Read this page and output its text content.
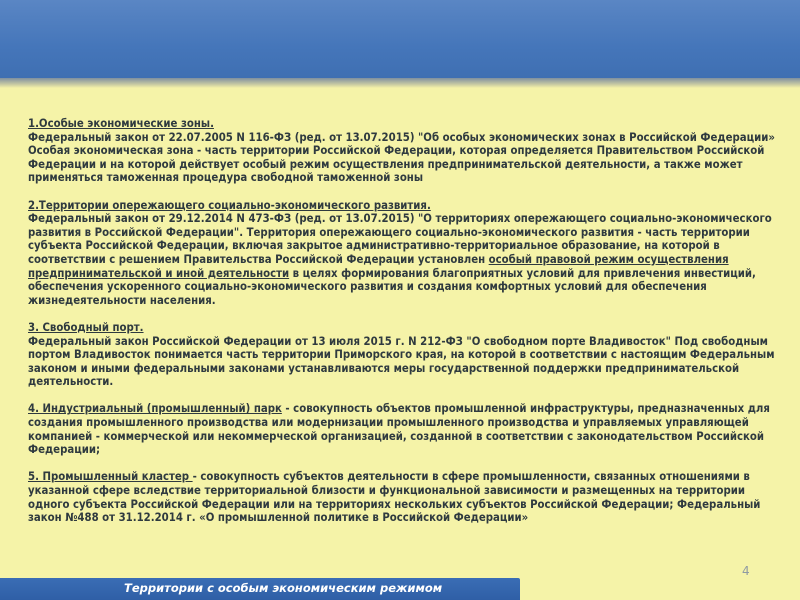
1.Особые экономические зоны.
Федеральный закон от 22.07.2005 N 116-ФЗ (ред. от 13.07.2015) "Об особых экономических зонах в Российской Федерации» Особая экономическая зона - часть территории Российской Федерации, которая определяется Правительством Российской Федерации и на которой действует особый режим осуществления предпринимательской деятельности, а также может применяться таможенная процедура свободной таможенной зоны

2.Территории опережающего социально-экономического развития.
Федеральный закон от 29.12.2014 N 473-ФЗ (ред. от 13.07.2015) "О территориях опережающего социально-экономического развития в Российской Федерации". Территория опережающего социально-экономического развития - часть территории субъекта Российской Федерации, включая закрытое административно-территориальное образование, на которой в соответствии с решением Правительства Российской Федерации установлен особый правовой режим осуществления предпринимательской и иной деятельности в целях формирования благоприятных условий для привлечения инвестиций, обеспечения ускоренного социально-экономического развития и создания комфортных условий для обеспечения жизнедеятельности населения.

3. Свободный порт.
Федеральный закон Российской Федерации от 13 июля 2015 г. N 212-ФЗ "О свободном порте Владивосток" Под свободным портом Владивосток понимается часть территории Приморского края, на которой в соответствии с настоящим Федеральным законом и иными федеральными законами устанавливаются меры государственной поддержки предпринимательской деятельности.

4. Индустриальный (промышленный) парк - совокупность объектов промышленной инфраструктуры, предназначенных для создания промышленного производства или модернизации промышленного производства и управляемых управляющей компанией - коммерческой или некоммерческой организацией, созданной в соответствии с законодательством Российской Федерации;

5. Промышленный кластер - совокупность субъектов деятельности в сфере промышленности, связанных отношениями в указанной сфере вследствие территориальной близости и функциональной зависимости и размещенных на территории одного субъекта Российской Федерации или на территориях нескольких субъектов Российской Федерации; Федеральный закон №488 от 31.12.2014 г. «О промышленной политике в Российской Федерации»

4
Территории с особым экономическим режимом
